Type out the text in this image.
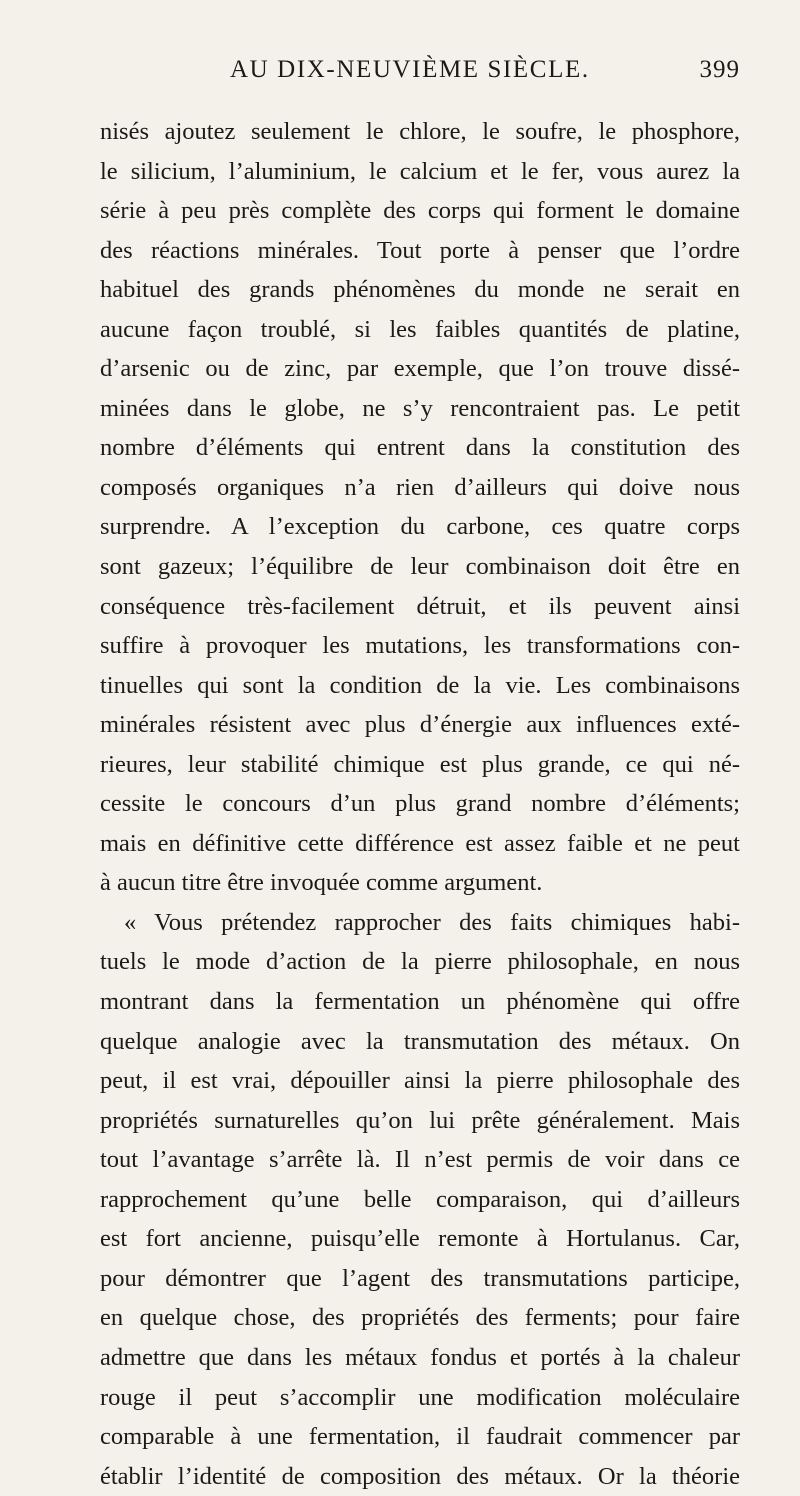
AU DIX-NEUVIÈME SIÈCLE.	399
nisés ajoutez seulement le chlore, le soufre, le phosphore,
le silicium, l’aluminium, le calcium et le fer, vous aurez la
série à peu près complète des corps qui forment le domaine
des réactions minérales. Tout porte à penser que l’ordre
habituel des grands phénomènes du monde ne serait en
aucune façon troublé, si les faibles quantités de platine,
d’arsenic ou de zinc, par exemple, que l’on trouve dissé-
minées dans le globe, ne s’y rencontraient pas. Le petit
nombre d’éléments qui entrent dans la constitution des
composés organiques n’a rien d’ailleurs qui doive nous
surprendre. A l’exception du carbone, ces quatre corps
sont gazeux; l’équilibre de leur combinaison doit être en
conséquence très-facilement détruit, et ils peuvent ainsi
suffire à provoquer les mutations, les transformations con-
tinuelles qui sont la condition de la vie. Les combinaisons
minérales résistent avec plus d’énergie aux influences exté-
rieures, leur stabilité chimique est plus grande, ce qui né-
cessite le concours d’un plus grand nombre d’éléments;
mais en définitive cette différence est assez faible et ne peut
à aucun titre être invoquée comme argument.
« Vous prétendez rapprocher des faits chimiques habi-
tuels le mode d’action de la pierre philosophale, en nous
montrant dans la fermentation un phénomène qui offre
quelque analogie avec la transmutation des métaux. On
peut, il est vrai, dépouiller ainsi la pierre philosophale des
propriétés surnaturelles qu’on lui prête généralement. Mais
tout l’avantage s’arrête là. Il n’est permis de voir dans ce
rapprochement qu’une belle comparaison, qui d’ailleurs
est fort ancienne, puisqu’elle remonte à Hortulanus. Car,
pour démontrer que l’agent des transmutations participe,
en quelque chose, des propriétés des ferments; pour faire
admettre que dans les métaux fondus et portés à la chaleur
rouge il peut s’accomplir une modification moléculaire
comparable à une fermentation, il faudrait commencer par
établir l’identité de composition des métaux. Or la théorie
